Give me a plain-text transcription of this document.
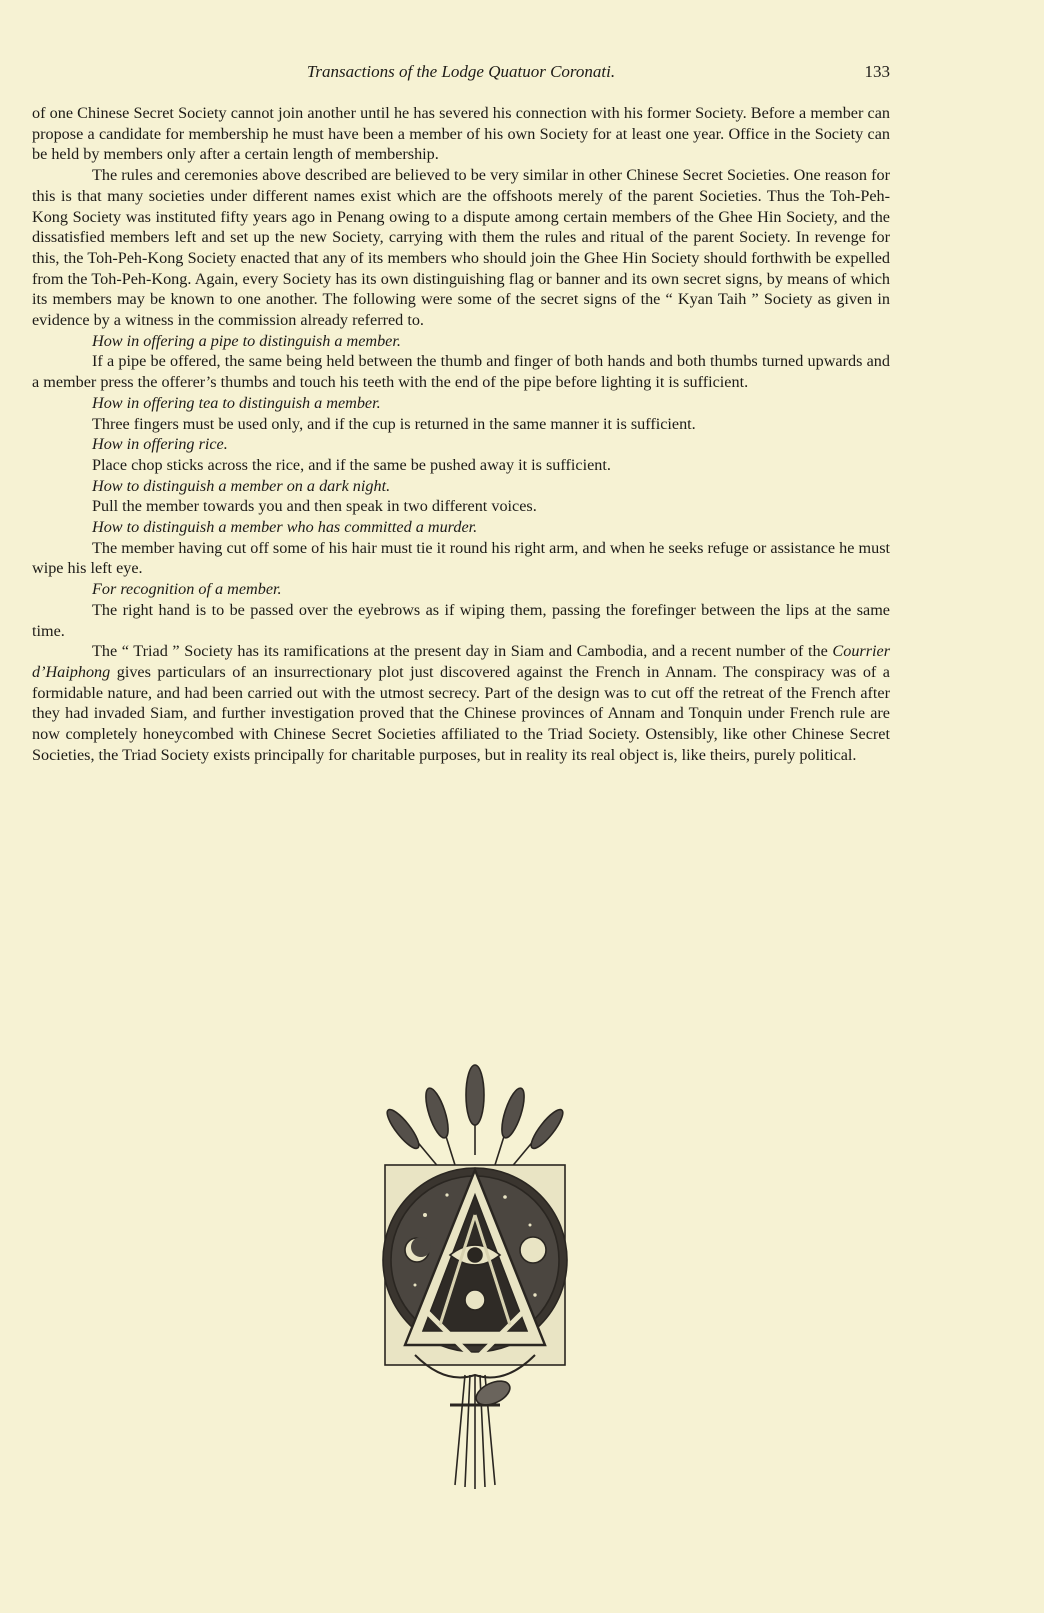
Transactions of the Lodge Quatuor Coronati.	133

of one Chinese Secret Society cannot join another until he has severed his connection with his former Society. Before a member can propose a candidate for membership he must have been a member of his own Society for at least one year. Office in the Society can be held by members only after a certain length of membership.

The rules and ceremonies above described are believed to be very similar in other Chinese Secret Societies. One reason for this is that many societies under different names exist which are the offshoots merely of the parent Societies. Thus the Toh-Peh-Kong Society was instituted fifty years ago in Penang owing to a dispute among certain members of the Ghee Hin Society, and the dissatisfied members left and set up the new Society, carrying with them the rules and ritual of the parent Society. In revenge for this, the Toh-Peh-Kong Society enacted that any of its members who should join the Ghee Hin Society should forthwith be expelled from the Toh-Peh-Kong. Again, every Society has its own distinguishing flag or banner and its own secret signs, by means of which its members may be known to one another. The following were some of the secret signs of the “ Kyan Taih ” Society as given in evidence by a witness in the commission already referred to.

How in offering a pipe to distinguish a member.

If a pipe be offered, the same being held between the thumb and finger of both hands and both thumbs turned upwards and a member press the offerer’s thumbs and touch his teeth with the end of the pipe before lighting it is sufficient.

How in offering tea to distinguish a member.

Three fingers must be used only, and if the cup is returned in the same manner it is sufficient.

How in offering rice.

Place chop sticks across the rice, and if the same be pushed away it is sufficient.

How to distinguish a member on a dark night.

Pull the member towards you and then speak in two different voices.

How to distinguish a member who has committed a murder.

The member having cut off some of his hair must tie it round his right arm, and when he seeks refuge or assistance he must wipe his left eye.

For recognition of a member.

The right hand is to be passed over the eyebrows as if wiping them, passing the forefinger between the lips at the same time.

The “ Triad ” Society has its ramifications at the present day in Siam and Cambodia, and a recent number of the Courrier d’Haiphong gives particulars of an insurrectionary plot just discovered against the French in Annam. The conspiracy was of a formidable nature, and had been carried out with the utmost secrecy. Part of the design was to cut off the retreat of the French after they had invaded Siam, and further investigation proved that the Chinese provinces of Annam and Tonquin under French rule are now completely honeycombed with Chinese Secret Societies affiliated to the Triad Society. Ostensibly, like other Chinese Secret Societies, the Triad Society exists principally for charitable purposes, but in reality its real object is, like theirs, purely political.
